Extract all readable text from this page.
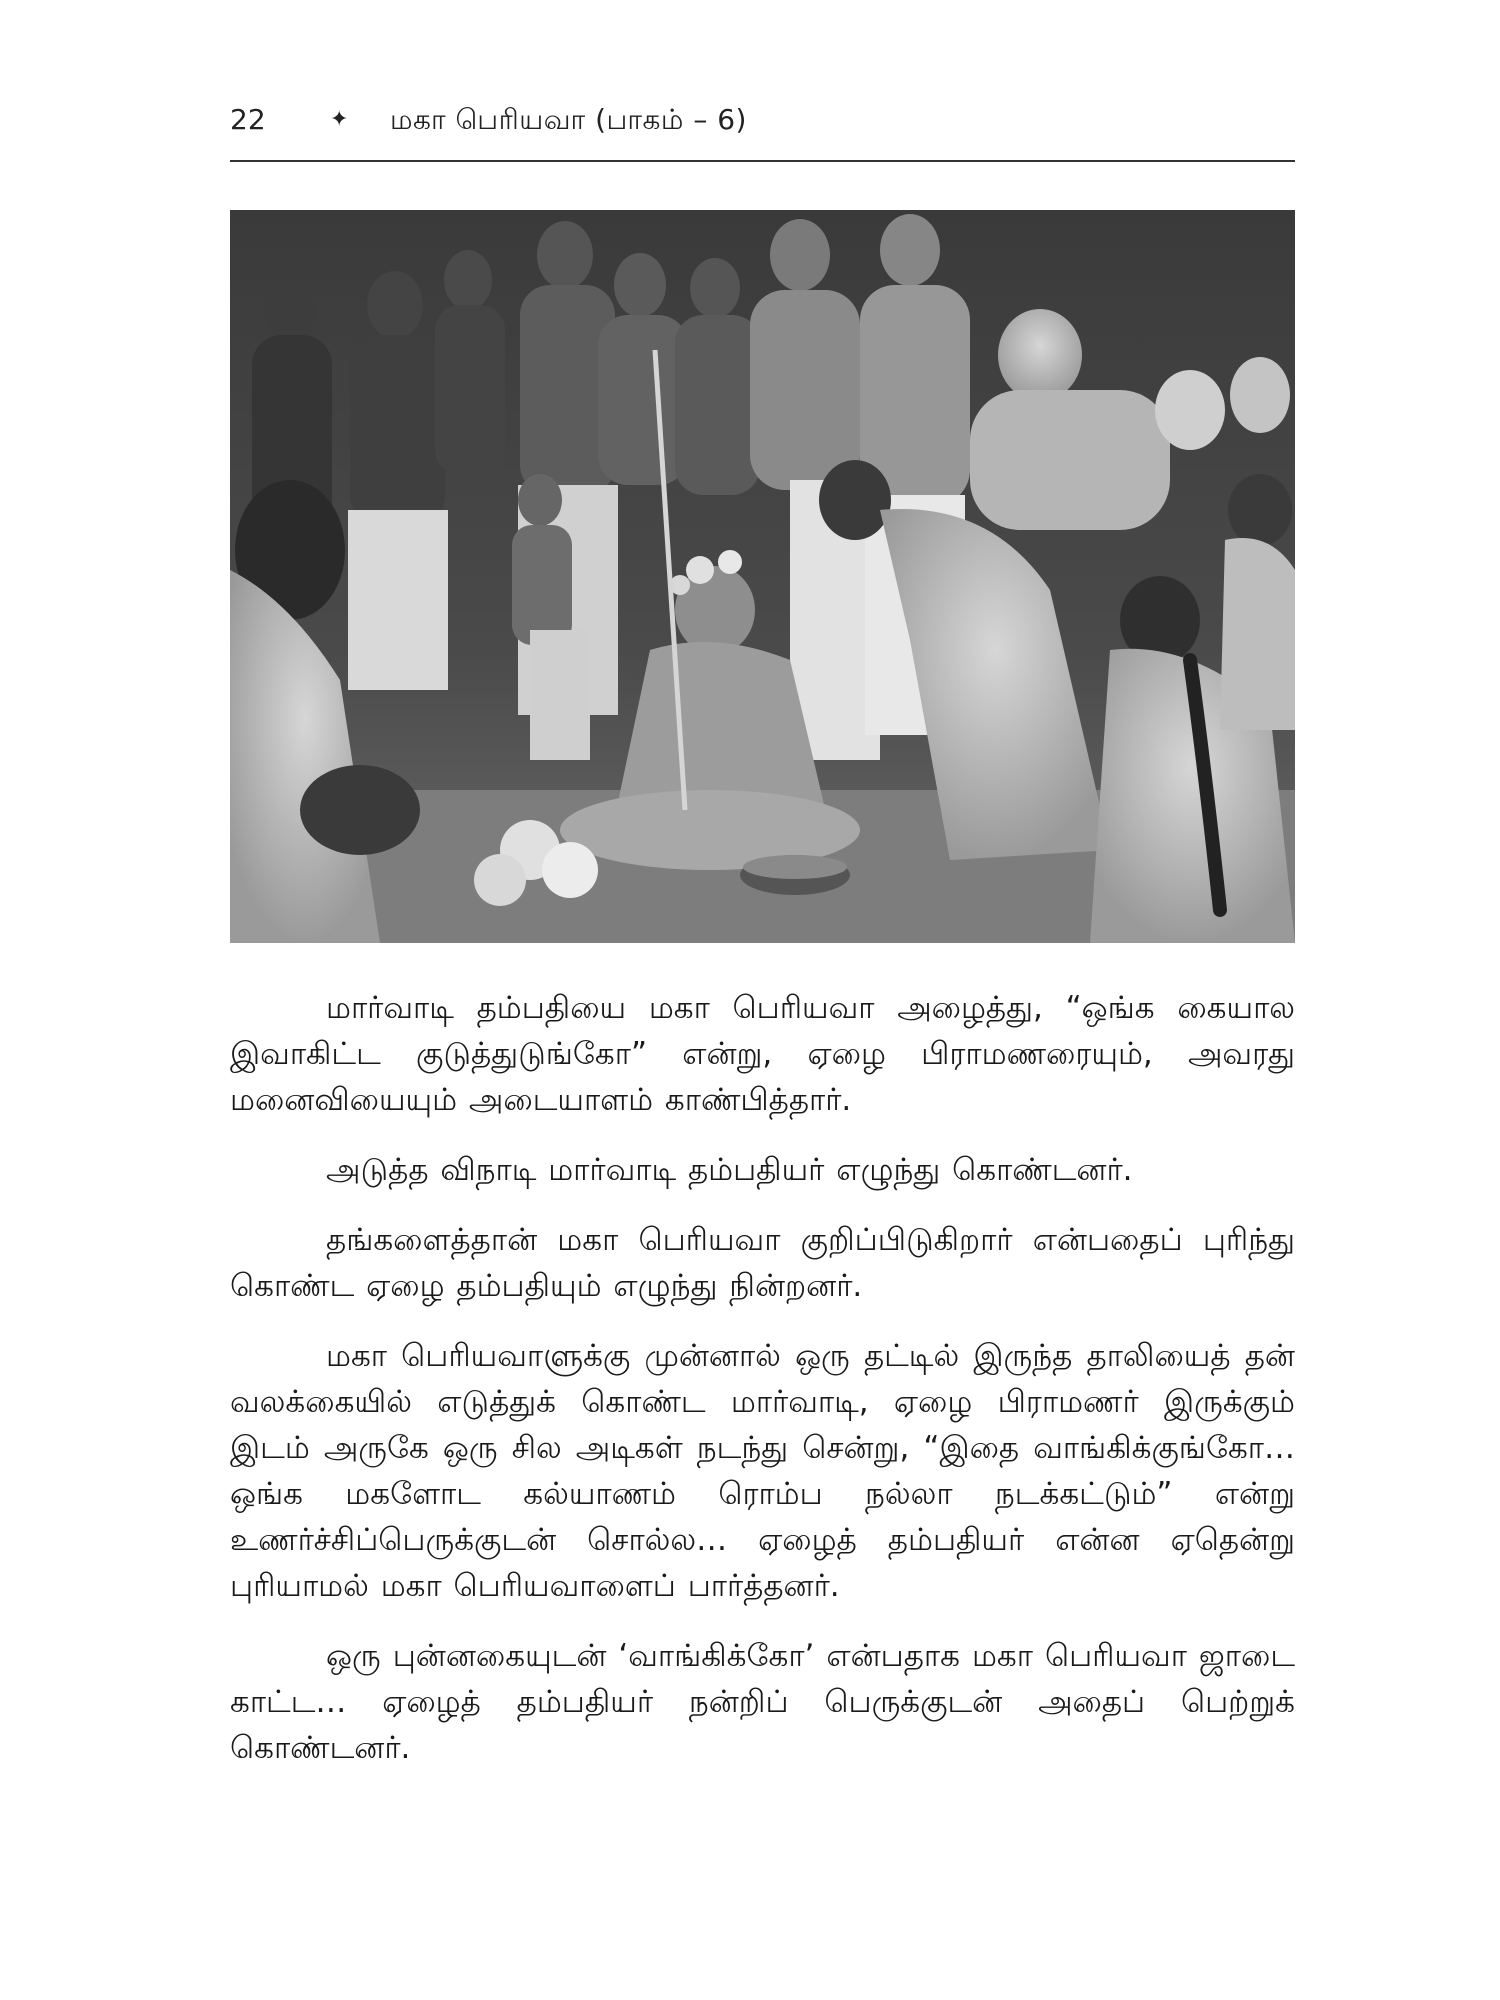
22	✦ மகா பெரியவா (பாகம் – 6)

மார்வாடி தம்பதியை மகா பெரியவா அழைத்து, “ஒங்க கையால இவாகிட்ட குடுத்துடுங்கோ” என்று, ஏழை பிராமணரையும், அவரது மனைவியையும் அடையாளம் காண்பித்தார்.

அடுத்த விநாடி மார்வாடி தம்பதியர் எழுந்து கொண்டனர்.

தங்களைத்தான் மகா பெரியவா குறிப்பிடுகிறார் என்பதைப் புரிந்து கொண்ட ஏழை தம்பதியும் எழுந்து நின்றனர்.

மகா பெரியவாளுக்கு முன்னால் ஒரு தட்டில் இருந்த தாலியைத் தன் வலக்கையில் எடுத்துக் கொண்ட மார்வாடி, ஏழை பிராமணர் இருக்கும் இடம் அருகே ஒரு சில அடிகள் நடந்து சென்று, “இதை வாங்கிக்குங்கோ… ஒங்க மகளோட கல்யாணம் ரொம்ப நல்லா நடக்கட்டும்” என்று உணர்ச்சிப்பெருக்குடன் சொல்ல… ஏழைத் தம்பதியர் என்ன ஏதென்று புரியாமல் மகா பெரியவாளைப் பார்த்தனர்.

ஒரு புன்னகையுடன் ‘வாங்கிக்கோ’ என்பதாக மகா பெரியவா ஜாடை காட்ட… ஏழைத் தம்பதியர் நன்றிப் பெருக்குடன் அதைப் பெற்றுக் கொண்டனர்.
